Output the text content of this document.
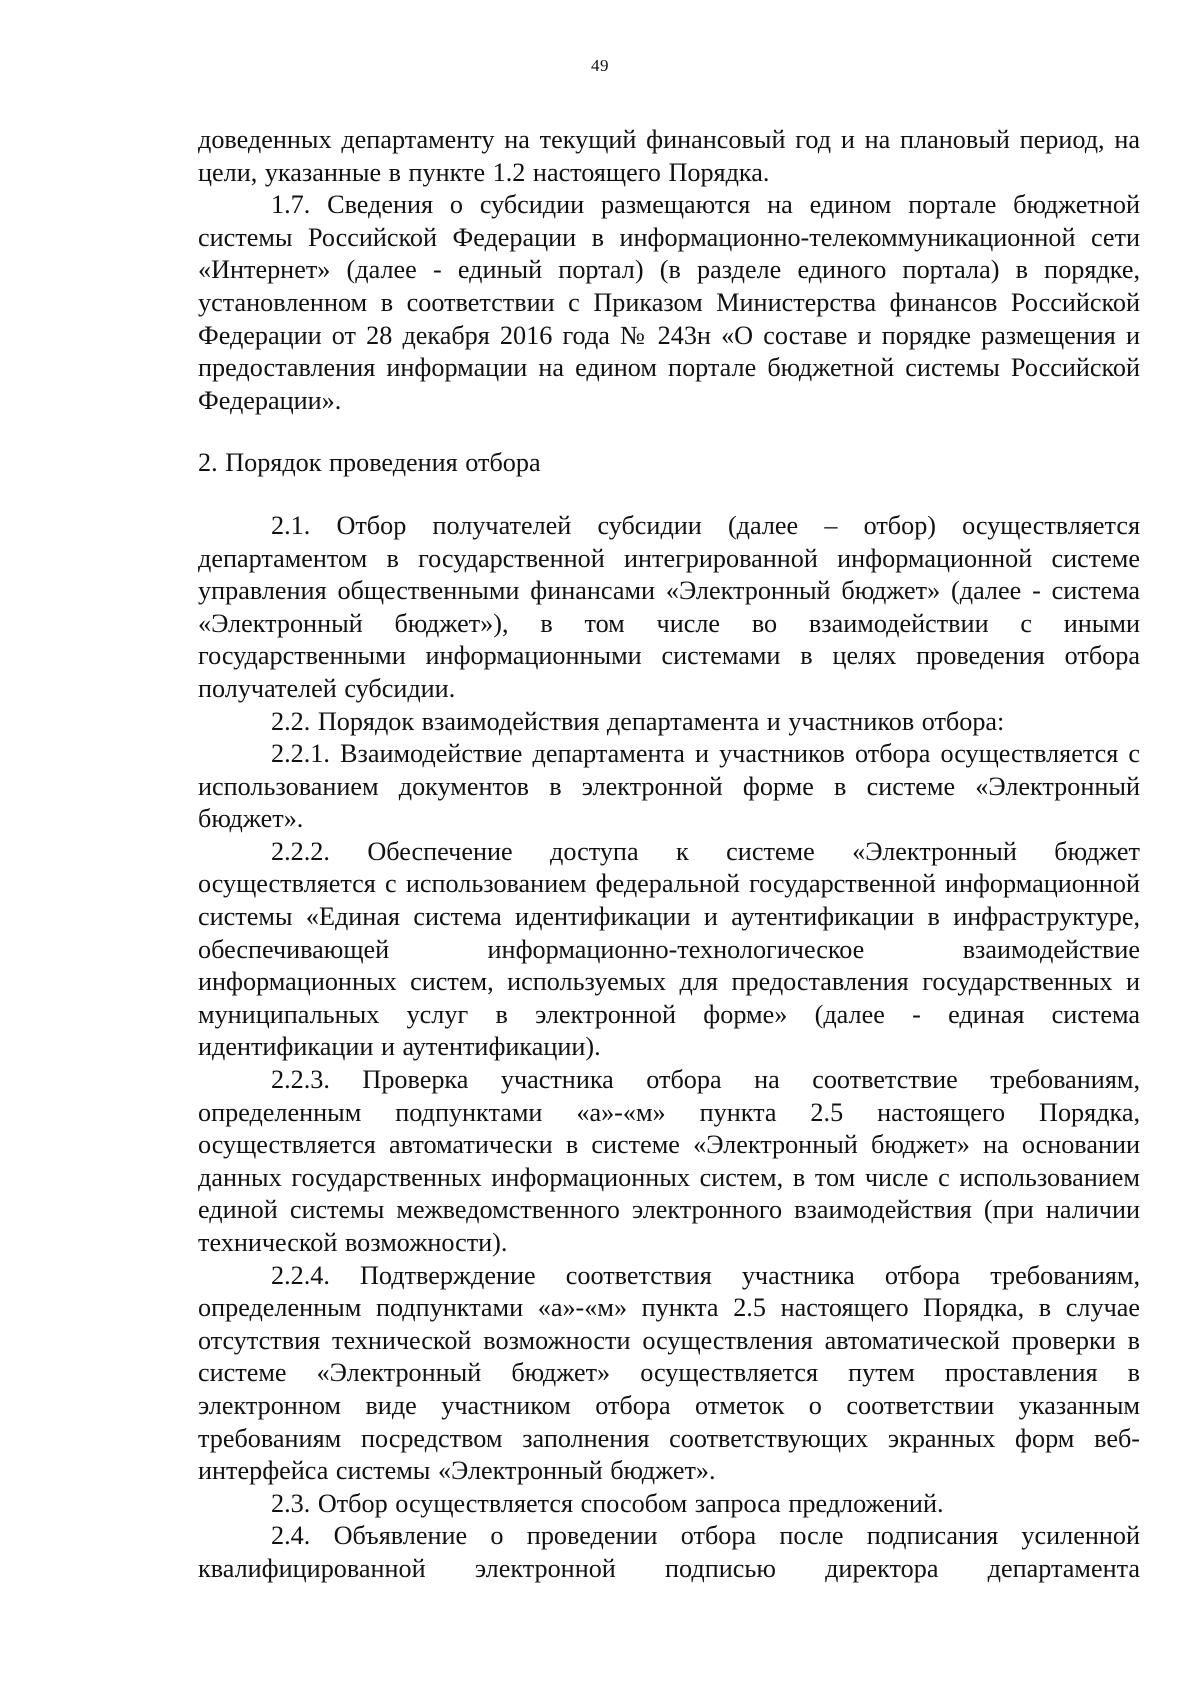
49

доведенных департаменту на текущий финансовый год и на плановый период, на цели, указанные в пункте 1.2 настоящего Порядка.

1.7. Сведения о субсидии размещаются на едином портале бюджетной системы Российской Федерации в информационно-телекоммуникационной сети «Интернет» (далее - единый портал) (в разделе единого портала) в порядке, установленном в соответствии с Приказом Министерства финансов Российской Федерации от 28 декабря 2016 года № 243н «О составе и порядке размещения и предоставления информации на едином портале бюджетной системы Российской Федерации».

2. Порядок проведения отбора

2.1. Отбор получателей субсидии (далее – отбор) осуществляется департаментом в государственной интегрированной информационной системе управления общественными финансами «Электронный бюджет» (далее - система «Электронный бюджет»), в том числе во взаимодействии с иными государственными информационными системами в целях проведения отбора получателей субсидии.

2.2. Порядок взаимодействия департамента и участников отбора:

2.2.1. Взаимодействие департамента и участников отбора осуществляется с использованием документов в электронной форме в системе «Электронный бюджет».

2.2.2. Обеспечение доступа к системе «Электронный бюджет осуществляется с использованием федеральной государственной информационной системы «Единая система идентификации и аутентификации в инфраструктуре, обеспечивающей информационно-технологическое взаимодействие информационных систем, используемых для предоставления государственных и муниципальных услуг в электронной форме» (далее - единая система идентификации и аутентификации).

2.2.3. Проверка участника отбора на соответствие требованиям, определенным подпунктами «а»-«м» пункта 2.5 настоящего Порядка, осуществляется автоматически в системе «Электронный бюджет» на основании данных государственных информационных систем, в том числе с использованием единой системы межведомственного электронного взаимодействия (при наличии технической возможности).

2.2.4. Подтверждение соответствия участника отбора требованиям, определенным подпунктами «а»-«м» пункта 2.5 настоящего Порядка, в случае отсутствия технической возможности осуществления автоматической проверки в системе «Электронный бюджет» осуществляется путем проставления в электронном виде участником отбора отметок о соответствии указанным требованиям посредством заполнения соответствующих экранных форм веб-интерфейса системы «Электронный бюджет».

2.3. Отбор осуществляется способом запроса предложений.

2.4. Объявление о проведении отбора после подписания усиленной квалифицированной электронной подписью директора департамента
